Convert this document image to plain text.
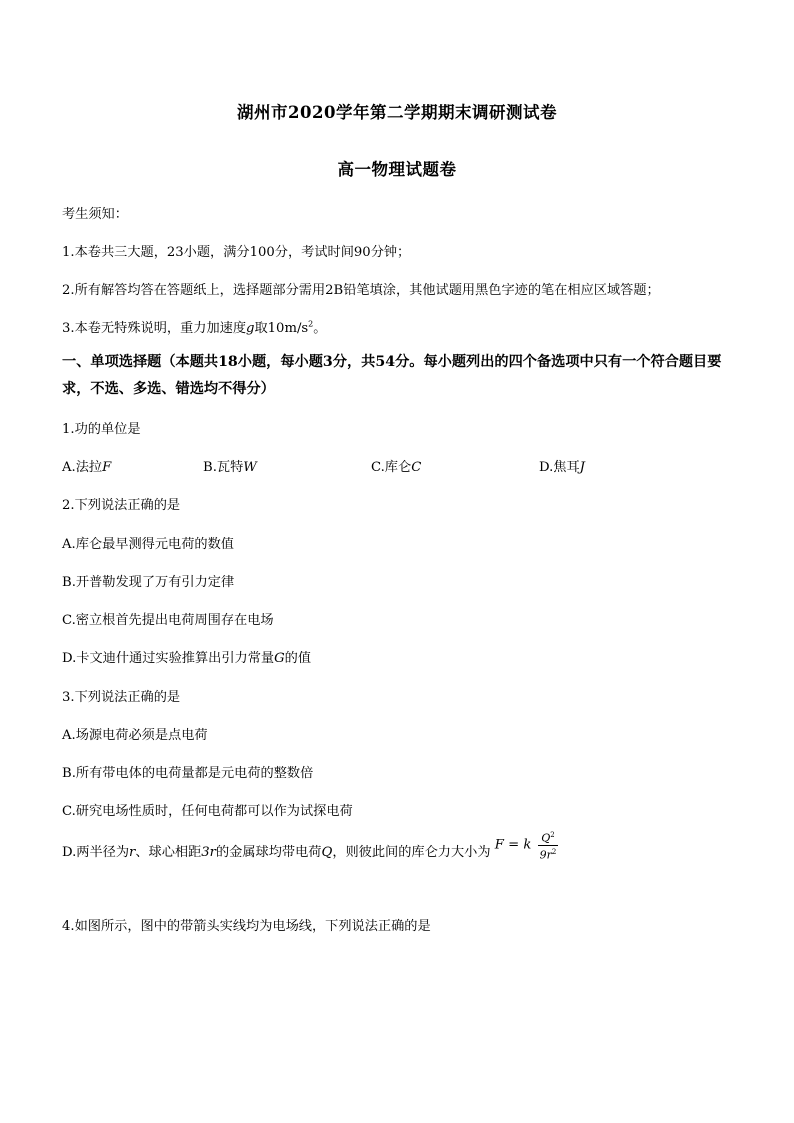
湖州市2020学年第二学期期末调研测试卷
高一物理试题卷
考生须知：
1.本卷共三大题，23小题，满分100分，考试时间90分钟；
2.所有解答均答在答题纸上，选择题部分需用2B铅笔填涂，其他试题用黑色字迹的笔在相应区域答题；
3.本卷无特殊说明，重力加速度g取$10m/s^2$。
一、单项选择题（本题共18小题，每小题3分，共54分。每小题列出的四个备选项中只有一个符合题目要求，不选、多选、错选均不得分）
1.功的单位是
A.法拉F	B.瓦特W	C.库仑C	D.焦耳J
2.下列说法正确的是
A.库仑最早测得元电荷的数值
B.开普勒发现了万有引力定律
C.密立根首先提出电荷周围存在电场
D.卡文迪什通过实验推算出引力常量G的值
3.下列说法正确的是
A.场源电荷必须是点电荷
B.所有带电体的电荷量都是元电荷的整数倍
C.研究电场性质时，任何电荷都可以作为试探电荷
D.两半径为r、球心相距3r的金属球均带电荷Q，则彼此间的库仑力大小为 F = k $\frac{Q^2}{9r^2}$
4.如图所示，图中的带箭头实线均为电场线，下列说法正确的是
